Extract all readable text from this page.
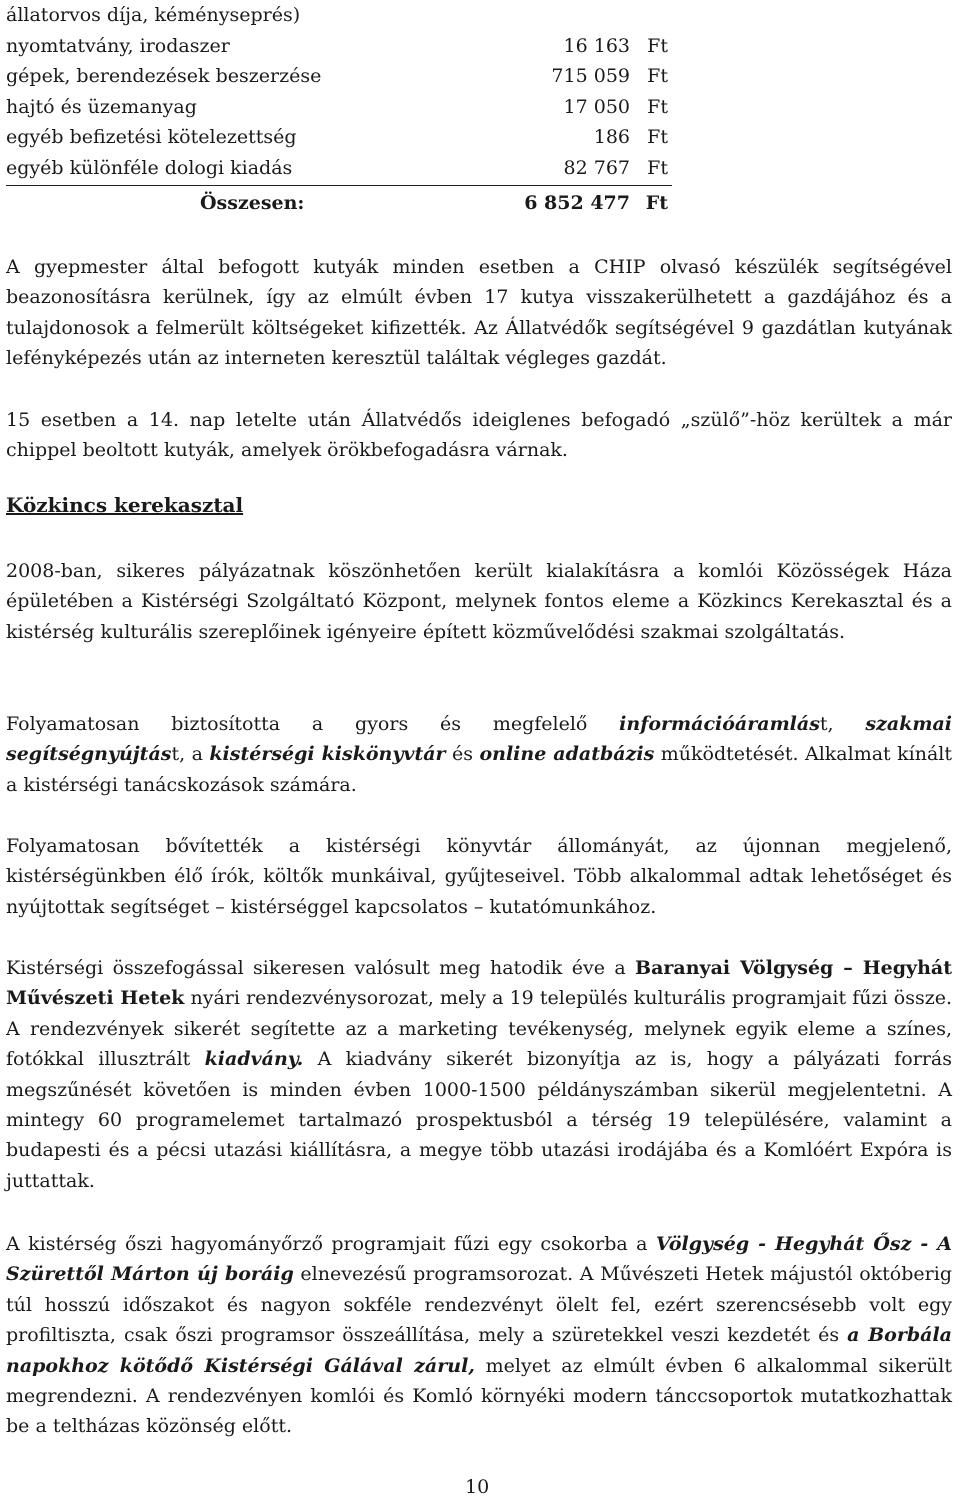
állatorvos díja, kéményseprés)
nyomtatvány, irodaszer	16 163 Ft
gépek, berendezések beszerzése	715 059 Ft
hajtó és üzemanyag	17 050 Ft
egyéb befizetési kötelezettség	186 Ft
egyéb különféle dologi kiadás	82 767 Ft
Összesen:	6 852 477 Ft

A gyepmester által befogott kutyák minden esetben a CHIP olvasó készülék segítségével beazonosításra kerülnek, így az elmúlt évben 17 kutya visszakerülhetett a gazdájához és a tulajdonosok a felmerült költségeket kifizették. Az Állatvédők segítségével 9 gazdátlan kutyának lefényképezés után az interneten keresztül találtak végleges gazdát.

15 esetben a 14. nap letelte után Állatvédős ideiglenes befogadó „szülő”-höz kerültek a már chippel beoltott kutyák, amelyek örökbefogadásra várnak.

Közkincs kerekasztal

2008-ban, sikeres pályázatnak köszönhetően került kialakításra a komlói Közösségek Háza épületében a Kistérségi Szolgáltató Központ, melynek fontos eleme a Közkincs Kerekasztal és a kistérség kulturális szereplőinek igényeire épített közművelődési szakmai szolgáltatás.

Folyamatosan biztosította a gyors és megfelelő információáramlást, szakmai segítségnyújtást, a kistérségi kiskönyvtár és online adatbázis működtetését. Alkalmat kínált a kistérségi tanácskozások számára.

Folyamatosan bővítették a kistérségi könyvtár állományát, az újonnan megjelenő, kistérségünkben élő írók, költők munkáival, gyűjteseivel. Több alkalommal adtak lehetőséget és nyújtottak segítséget – kistérséggel kapcsolatos – kutatómunkához.

Kistérségi összefogással sikeresen valósult meg hatodik éve a Baranyai Völgység – Hegyhát Művészeti Hetek nyári rendezvénysorozat, mely a 19 település kulturális programjait fűzi össze. A rendezvények sikerét segítette az a marketing tevékenység, melynek egyik eleme a színes, fotókkal illusztrált kiadvány. A kiadvány sikerét bizonyítja az is, hogy a pályázati forrás megszűnését követően is minden évben 1000-1500 példányszámban sikerül megjelentetni. A mintegy 60 programelemet tartalmazó prospektusból a térség 19 településére, valamint a budapesti és a pécsi utazási kiállításra, a megye több utazási irodájába és a Komlóért Expóra is juttattak.

A kistérség őszi hagyományőrző programjait fűzi egy csokorba a Völgység - Hegyhát Ősz - A Szürettől Márton új boráig elnevezésű programsorozat. A Művészeti Hetek májustól októberig túl hosszú időszakot és nagyon sokféle rendezvényt ölelt fel, ezért szerencsésebb volt egy profiltiszta, csak őszi programsor összeállítása, mely a szüretekkel veszi kezdetét és a Borbála napokhoz kötődő Kistérségi Gálával zárul, melyet az elmúlt évben 6 alkalommal sikerült megrendezni. A rendezvényen komlói és Komló környéki modern tánccsoportok mutatkozhattak be a teltházas közönség előtt.

10
